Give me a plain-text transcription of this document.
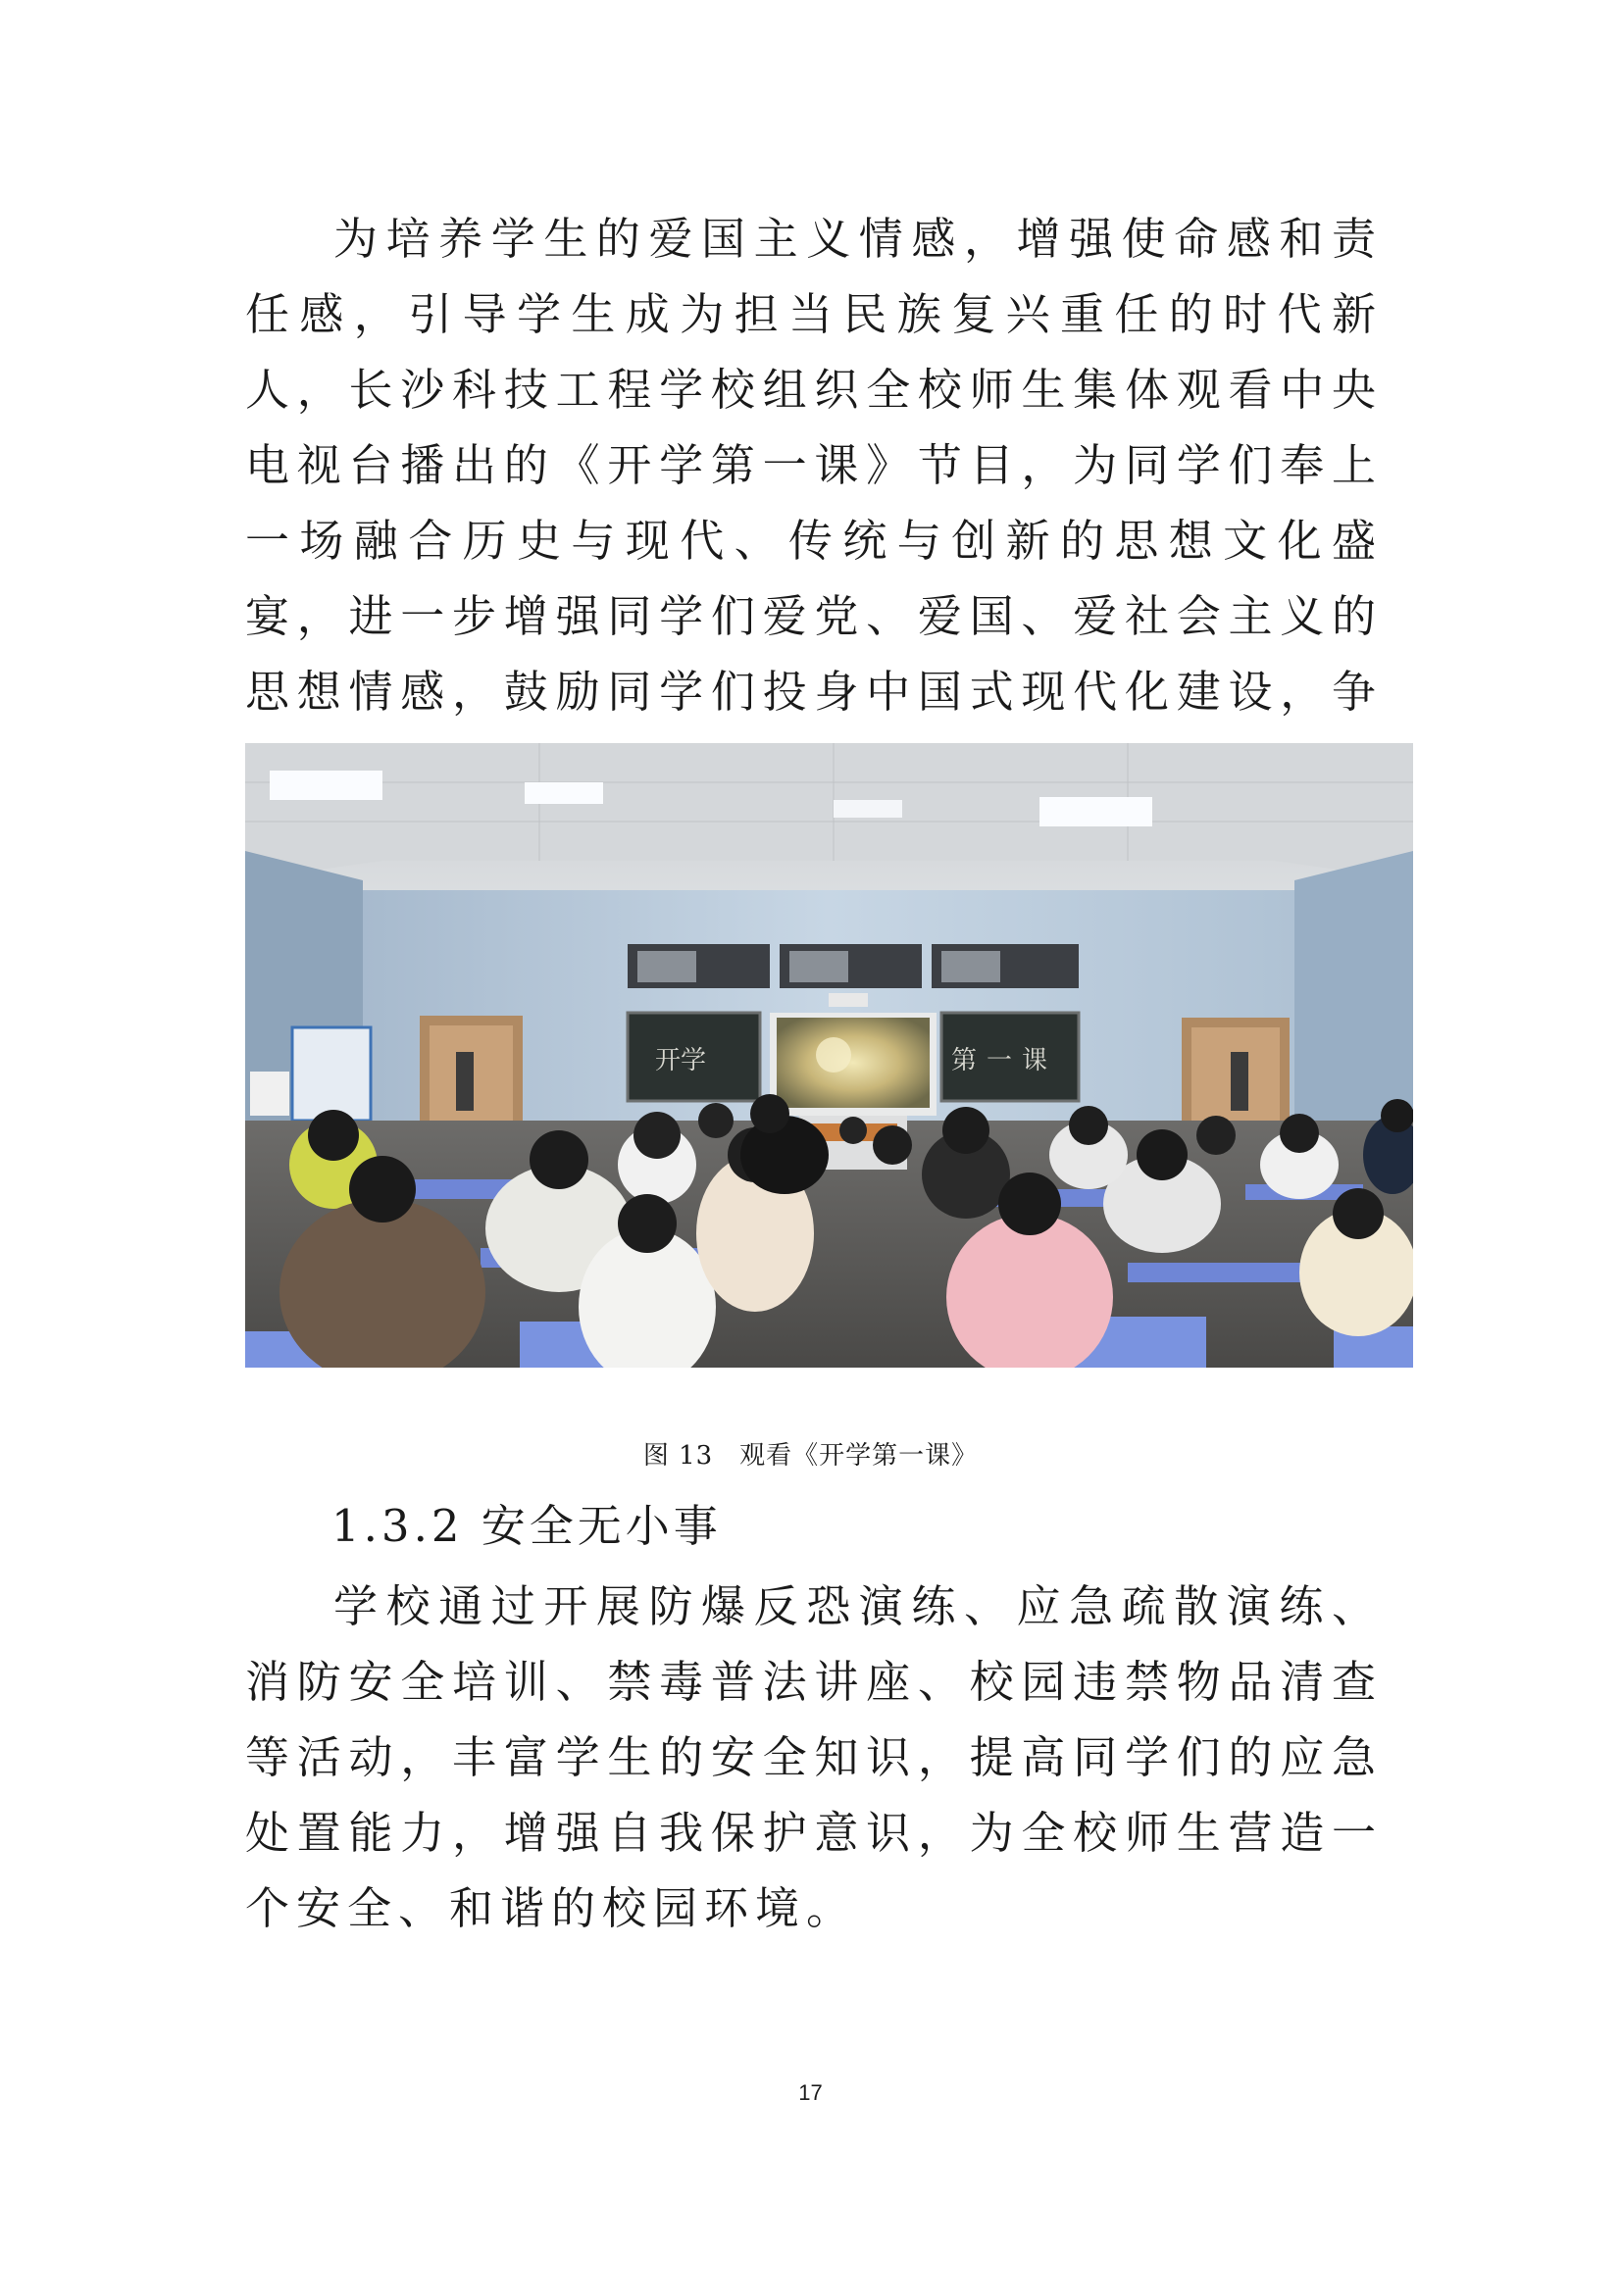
为培养学生的爱国主义情感，增强使命感和责任感，引导学生成为担当民族复兴重任的时代新人，长沙科技工程学校组织全校师生集体观看中央电视台播出的《开学第一课》节目，为同学们奉上一场融合历史与现代、传统与创新的思想文化盛宴，进一步增强同学们爱党、爱国、爱社会主义的思想情感，鼓励同学们投身中国式现代化建设，争

开学	第一课
图 13　观看《开学第一课》
1.3.2 安全无小事

学校通过开展防爆反恐演练、应急疏散演练、消防安全培训、禁毒普法讲座、校园违禁物品清查等活动，丰富学生的安全知识，提高同学们的应急处置能力，增强自我保护意识，为全校师生营造一个安全、和谐的校园环境。

17
